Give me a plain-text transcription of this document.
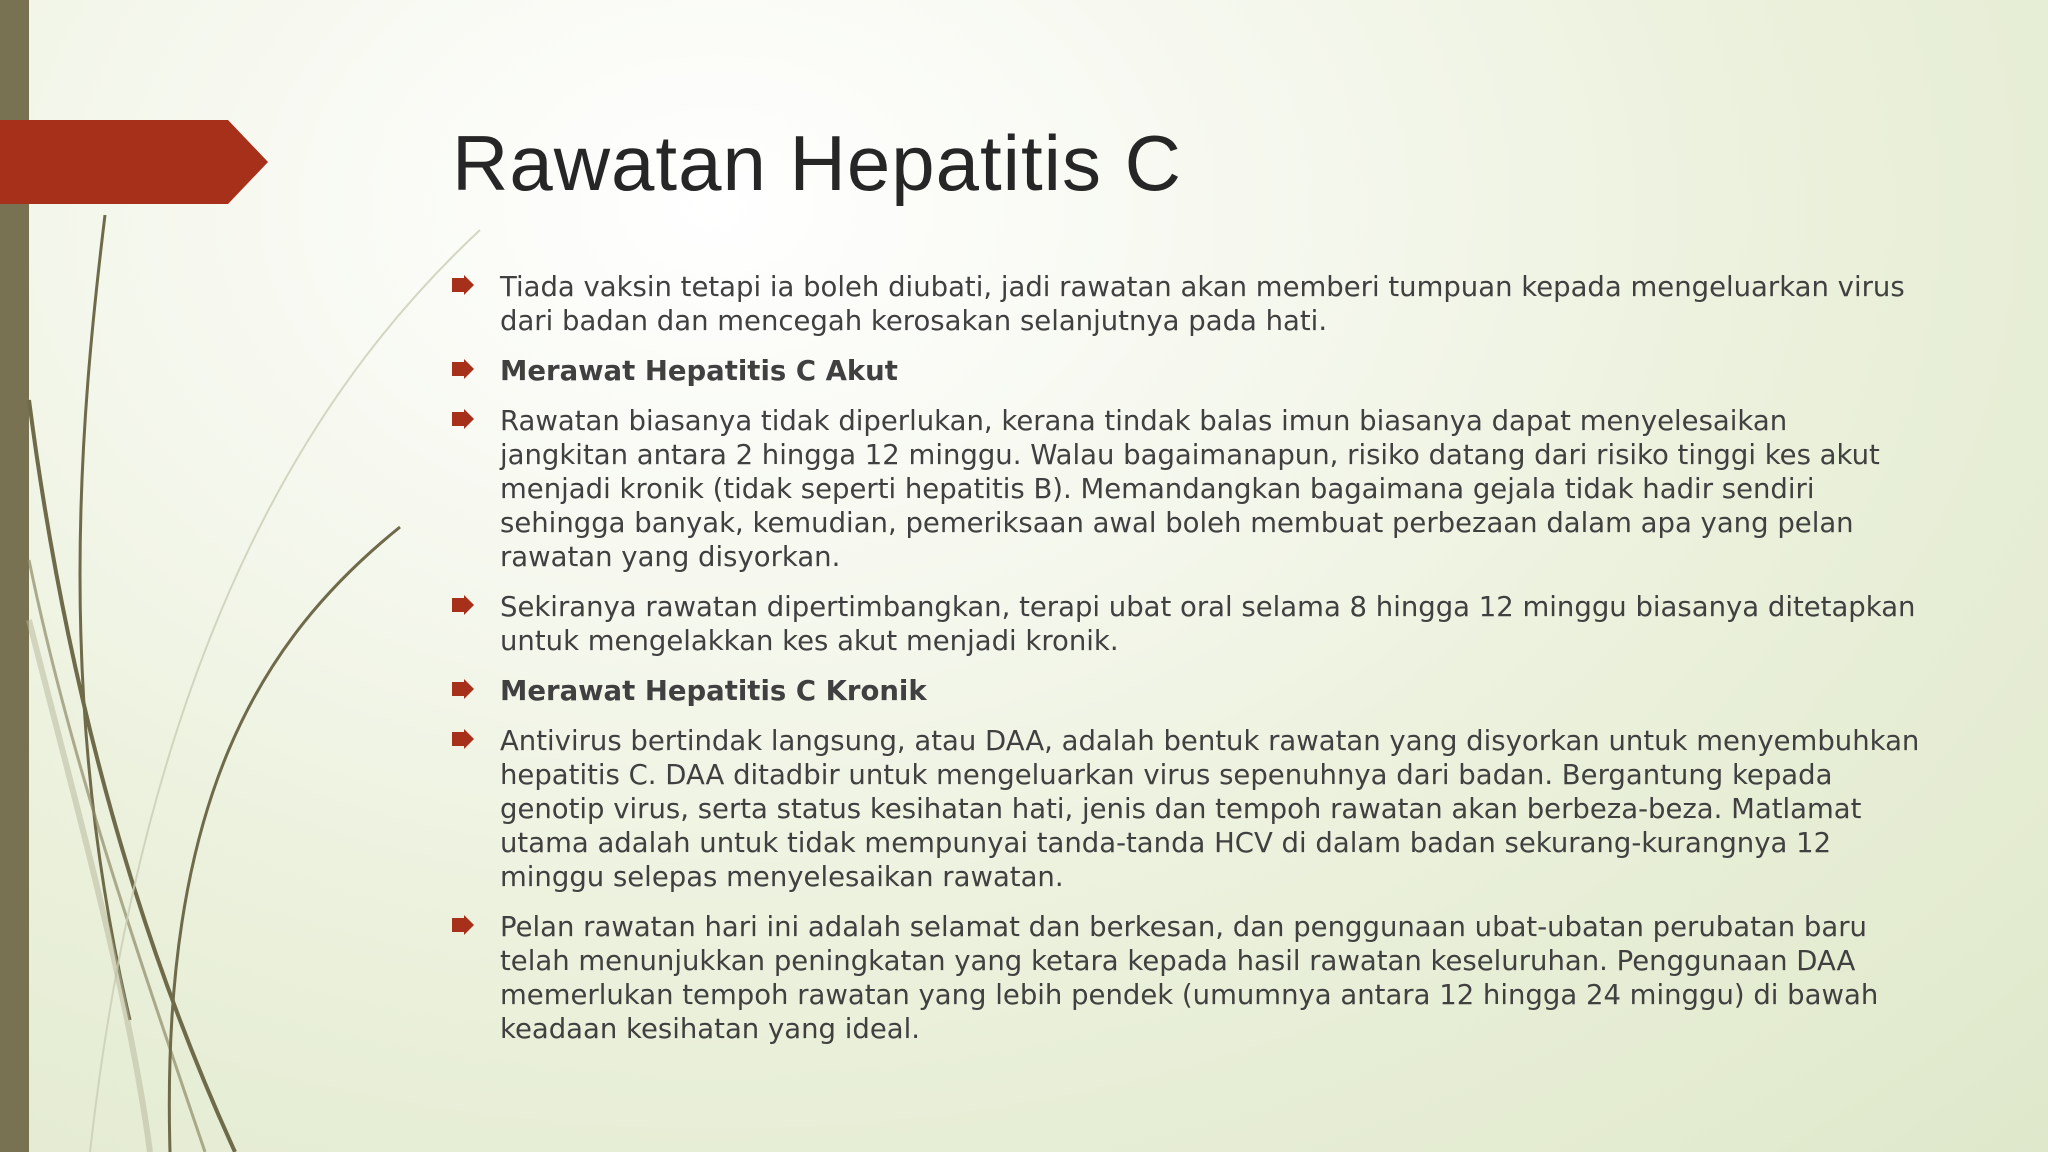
Rawatan Hepatitis C
Tiada vaksin tetapi ia boleh diubati, jadi rawatan akan memberi tumpuan kepada mengeluarkan virus dari badan dan mencegah kerosakan selanjutnya pada hati.
Merawat Hepatitis C Akut
Rawatan biasanya tidak diperlukan, kerana tindak balas imun biasanya dapat menyelesaikan jangkitan antara 2 hingga 12 minggu. Walau bagaimanapun, risiko datang dari risiko tinggi kes akut menjadi kronik (tidak seperti hepatitis B). Memandangkan bagaimana gejala tidak hadir sendiri sehingga banyak, kemudian, pemeriksaan awal boleh membuat perbezaan dalam apa yang pelan rawatan yang disyorkan.
Sekiranya rawatan dipertimbangkan, terapi ubat oral selama 8 hingga 12 minggu biasanya ditetapkan untuk mengelakkan kes akut menjadi kronik.
Merawat Hepatitis C Kronik
Antivirus bertindak langsung, atau DAA, adalah bentuk rawatan yang disyorkan untuk menyembuhkan hepatitis C. DAA ditadbir untuk mengeluarkan virus sepenuhnya dari badan. Bergantung kepada genotip virus, serta status kesihatan hati, jenis dan tempoh rawatan akan berbeza-beza. Matlamat utama adalah untuk tidak mempunyai tanda-tanda HCV di dalam badan sekurang-kurangnya 12 minggu selepas menyelesaikan rawatan.
Pelan rawatan hari ini adalah selamat dan berkesan, dan penggunaan ubat-ubatan perubatan baru telah menunjukkan peningkatan yang ketara kepada hasil rawatan keseluruhan. Penggunaan DAA memerlukan tempoh rawatan yang lebih pendek (umumnya antara 12 hingga 24 minggu) di bawah keadaan kesihatan yang ideal.
